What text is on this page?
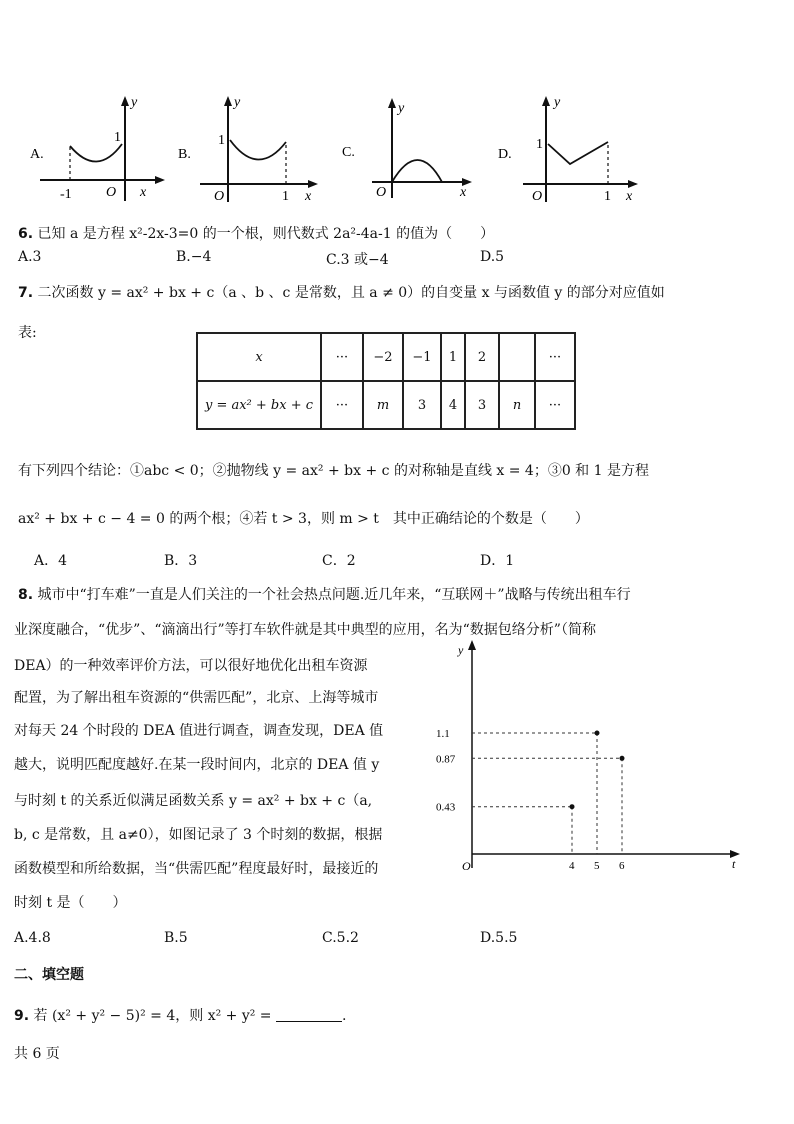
A.
y
x
O
-1
1
B.
y
x
O	1
1
C.
y
x
O
D.
y
x
O	1
1
6. 已知 a 是方程 x²-2x-3=0 的一个根，则代数式 2a²-4a-1 的值为（　　）
A.3	B.−4	C.3 或−4	D.5
7. 二次函数 y = ax² + bx + c（a 、b 、c 是常数，且 a ≠ 0）的自变量 x 与函数值 y 的部分对应值如
表:
x	···	−2	−1	1	2		···
y = ax² + bx + c	···	m	3	4	3	n	···
有下列四个结论：①abc < 0；②抛物线 y = ax² + bx + c 的对称轴是直线 x = 4；③0 和 1 是方程
ax² + bx + c − 4 = 0 的两个根；④若 t > 3，则 m > t　其中正确结论的个数是（　　）
A．4	B．3	C．2	D．1
8. 城市中“打车难”一直是人们关注的一个社会热点问题.近几年来，“互联网＋”战略与传统出租车行
业深度融合，“优步”、“滴滴出行”等打车软件就是其中典型的应用，名为“数据包络分析”（简称
DEA）的一种效率评价方法，可以很好地优化出租车资源
配置，为了解出租车资源的“供需匹配”，北京、上海等城市
对每天 24 个时段的 DEA 值进行调查，调查发现，DEA 值
越大，说明匹配度越好.在某一段时间内，北京的 DEA 值 y
与时刻 t 的关系近似满足函数关系 y = ax² + bx + c（a,
b, c 是常数，且 a≠0），如图记录了 3 个时刻的数据，根据
函数模型和所给数据，当“供需匹配”程度最好时，最接近的
时刻 t 是（　　）
y
t
O	4 5 6
0.43
0.87
1.1
A.4.8	B.5	C.5.2	D.5.5
二、填空题
9. 若 (x² + y² − 5)² = 4，则 x² + y² =	.
共 6 页
